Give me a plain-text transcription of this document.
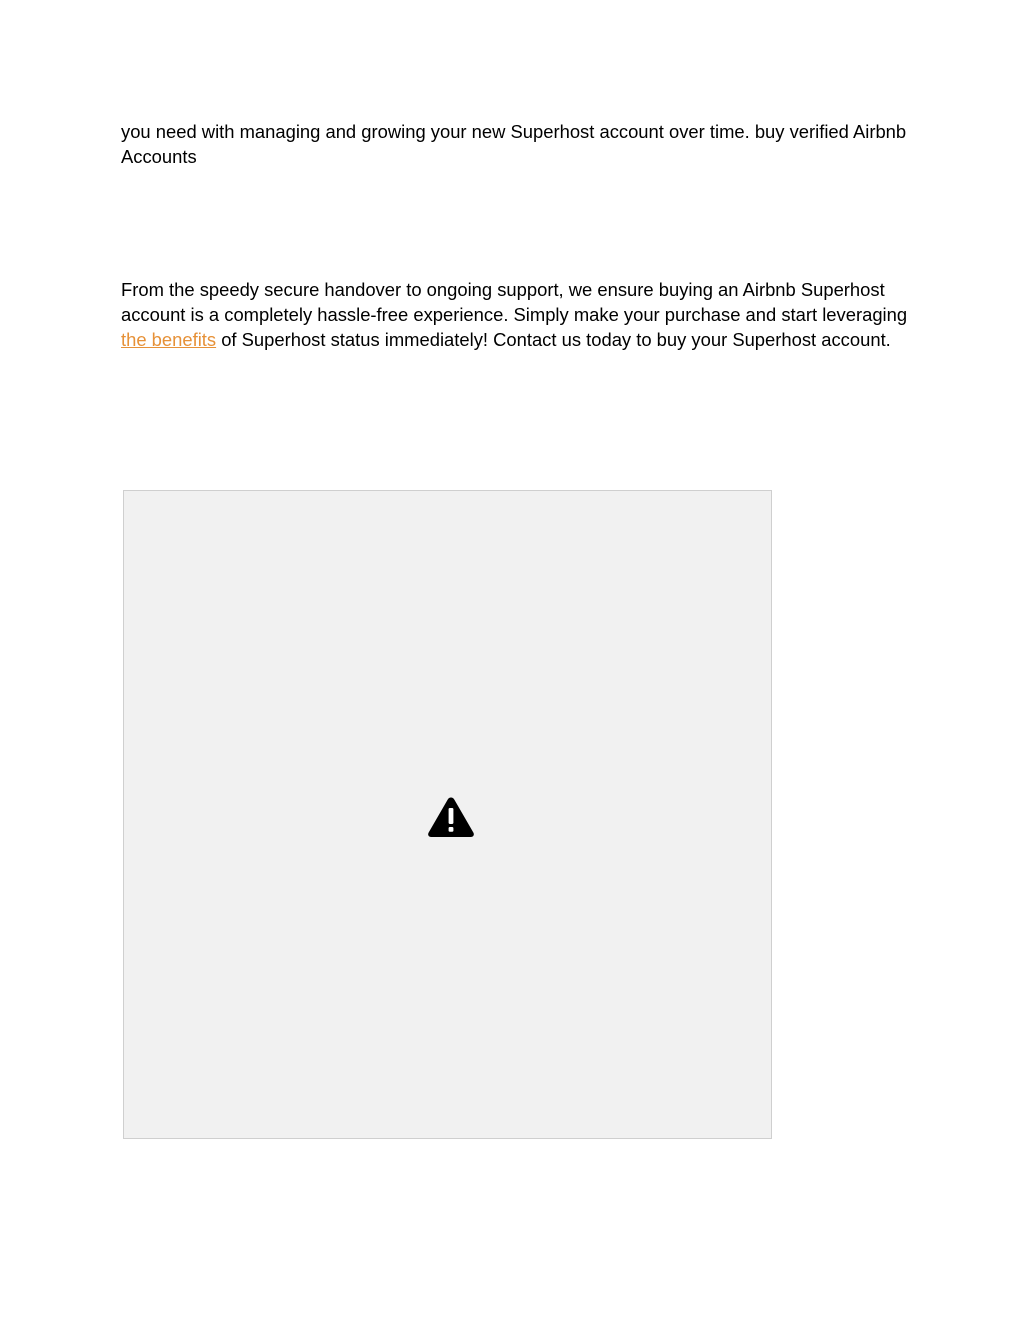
you need with managing and growing your new Superhost account over time. buy verified Airbnb Accounts

From the speedy secure handover to ongoing support, we ensure buying an Airbnb Superhost account is a completely hassle-free experience. Simply make your purchase and start leveraging the benefits of Superhost status immediately! Contact us today to buy your Superhost account.
